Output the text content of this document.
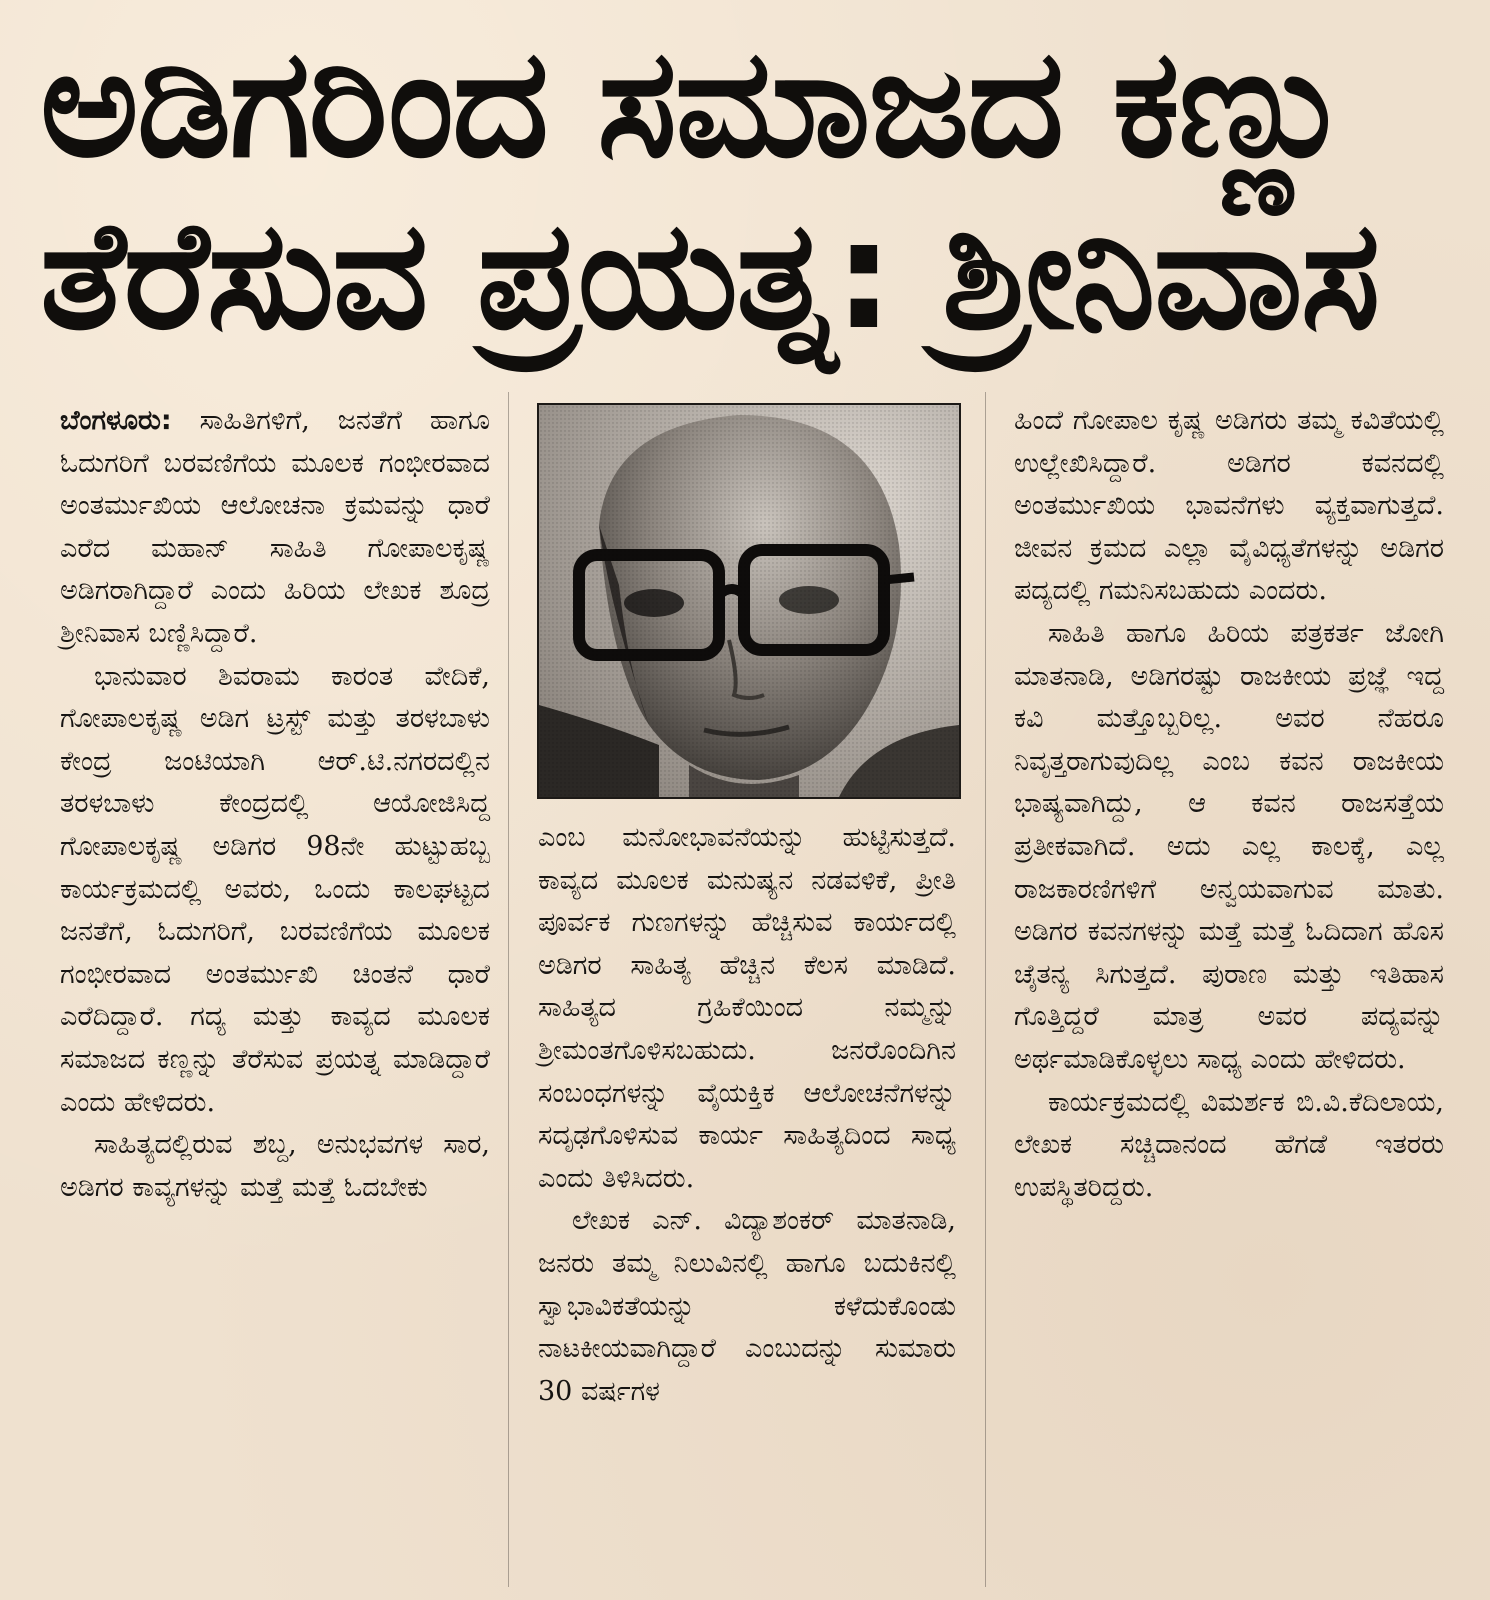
ಅಡಿಗರಿಂದ ಸಮಾಜದ ಕಣ್ಣು
ತೆರೆಸುವ ಪ್ರಯತ್ನ: ಶ್ರೀನಿವಾಸ

ಬೆಂಗಳೂರು: ಸಾಹಿತಿಗಳಿಗೆ, ಜನತೆಗೆ ಹಾಗೂ ಓದುಗರಿಗೆ ಬರವಣಿಗೆಯ ಮೂಲಕ ಗಂಭೀರವಾದ ಅಂತರ್ಮುಖಿಯ ಆಲೋಚನಾ ಕ್ರಮವನ್ನು ಧಾರೆ ಎರೆದ ಮಹಾನ್ ಸಾಹಿತಿ ಗೋಪಾಲಕೃಷ್ಣ ಅಡಿಗರಾಗಿದ್ದಾರೆ ಎಂದು ಹಿರಿಯ ಲೇಖಕ ಶೂದ್ರ ಶ್ರೀನಿವಾಸ ಬಣ್ಣಿಸಿದ್ದಾರೆ.

ಭಾನುವಾರ ಶಿವರಾಮ ಕಾರಂತ ವೇದಿಕೆ, ಗೋಪಾಲಕೃಷ್ಣ ಅಡಿಗ ಟ್ರಸ್ಟ್ ಮತ್ತು ತರಳಬಾಳು ಕೇಂದ್ರ ಜಂಟಿಯಾಗಿ ಆರ್.ಟಿ.ನಗರದಲ್ಲಿನ ತರಳಬಾಳು ಕೇಂದ್ರದಲ್ಲಿ ಆಯೋಜಿಸಿದ್ದ ಗೋಪಾಲಕೃಷ್ಣ ಅಡಿಗರ 98ನೇ ಹುಟ್ಟುಹಬ್ಬ ಕಾರ್ಯಕ್ರಮದಲ್ಲಿ ಅವರು, ಒಂದು ಕಾಲಘಟ್ಟದ ಜನತೆಗೆ, ಓದುಗರಿಗೆ, ಬರವಣಿಗೆಯ ಮೂಲಕ ಗಂಭೀರವಾದ ಅಂತರ್ಮುಖಿ ಚಿಂತನೆ ಧಾರೆ ಎರೆದಿದ್ದಾರೆ. ಗದ್ಯ ಮತ್ತು ಕಾವ್ಯದ ಮೂಲಕ ಸಮಾಜದ ಕಣ್ಣನ್ನು ತೆರೆಸುವ ಪ್ರಯತ್ನ ಮಾಡಿದ್ದಾರೆ ಎಂದು ಹೇಳಿದರು.

ಸಾಹಿತ್ಯದಲ್ಲಿರುವ ಶಬ್ದ, ಅನುಭವಗಳ ಸಾರ, ಅಡಿಗರ ಕಾವ್ಯಗಳನ್ನು ಮತ್ತೆ ಮತ್ತೆ ಓದಬೇಕು

ಎಂಬ ಮನೋಭಾವನೆಯನ್ನು ಹುಟ್ಟಿಸುತ್ತದೆ. ಕಾವ್ಯದ ಮೂಲಕ ಮನುಷ್ಯನ ನಡವಳಿಕೆ, ಪ್ರೀತಿ ಪೂರ್ವಕ ಗುಣಗಳನ್ನು ಹೆಚ್ಚಿಸುವ ಕಾರ್ಯದಲ್ಲಿ ಅಡಿಗರ ಸಾಹಿತ್ಯ ಹೆಚ್ಚಿನ ಕೆಲಸ ಮಾಡಿದೆ. ಸಾಹಿತ್ಯದ ಗ್ರಹಿಕೆಯಿಂದ ನಮ್ಮನ್ನು ಶ್ರೀಮಂತಗೊಳಿಸಬಹುದು. ಜನರೊಂದಿಗಿನ ಸಂಬಂಧಗಳನ್ನು ವೈಯಕ್ತಿಕ ಆಲೋಚನೆಗಳನ್ನು ಸದೃಢಗೊಳಿಸುವ ಕಾರ್ಯ ಸಾಹಿತ್ಯದಿಂದ ಸಾಧ್ಯ ಎಂದು ತಿಳಿಸಿದರು.

ಲೇಖಕ ಎನ್. ವಿದ್ಯಾಶಂಕರ್ ಮಾತನಾಡಿ, ಜನರು ತಮ್ಮ ನಿಲುವಿನಲ್ಲಿ ಹಾಗೂ ಬದುಕಿನಲ್ಲಿ ಸ್ವಾಭಾವಿಕತೆಯನ್ನು ಕಳೆದುಕೊಂಡು ನಾಟಕೀಯವಾಗಿದ್ದಾರೆ ಎಂಬುದನ್ನು ಸುಮಾರು 30 ವರ್ಷಗಳ

ಹಿಂದೆ ಗೋಪಾಲ ಕೃಷ್ಣ ಅಡಿಗರು ತಮ್ಮ ಕವಿತೆಯಲ್ಲಿ ಉಲ್ಲೇಖಿಸಿದ್ದಾರೆ. ಅಡಿಗರ ಕವನದಲ್ಲಿ ಅಂತರ್ಮುಖಿಯ ಭಾವನೆಗಳು ವ್ಯಕ್ತವಾಗುತ್ತದೆ. ಜೀವನ ಕ್ರಮದ ಎಲ್ಲಾ ವೈವಿಧ್ಯತೆಗಳನ್ನು ಅಡಿಗರ ಪದ್ಯದಲ್ಲಿ ಗಮನಿಸಬಹುದು ಎಂದರು.

ಸಾಹಿತಿ ಹಾಗೂ ಹಿರಿಯ ಪತ್ರಕರ್ತ ಜೋಗಿ ಮಾತನಾಡಿ, ಅಡಿಗರಷ್ಟು ರಾಜಕೀಯ ಪ್ರಜ್ಞೆ ಇದ್ದ ಕವಿ ಮತ್ತೊಬ್ಬರಿಲ್ಲ. ಅವರ ನೆಹರೂ ನಿವೃತ್ತರಾಗುವುದಿಲ್ಲ ಎಂಬ ಕವನ ರಾಜಕೀಯ ಭಾಷ್ಯವಾಗಿದ್ದು, ಆ ಕವನ ರಾಜಸತ್ತೆಯ ಪ್ರತೀಕವಾಗಿದೆ. ಅದು ಎಲ್ಲ ಕಾಲಕ್ಕೆ, ಎಲ್ಲ ರಾಜಕಾರಣಿಗಳಿಗೆ ಅನ್ವಯವಾಗುವ ಮಾತು. ಅಡಿಗರ ಕವನಗಳನ್ನು ಮತ್ತೆ ಮತ್ತೆ ಓದಿದಾಗ ಹೊಸ ಚೈತನ್ಯ ಸಿಗುತ್ತದೆ. ಪುರಾಣ ಮತ್ತು ಇತಿಹಾಸ ಗೊತ್ತಿದ್ದರೆ ಮಾತ್ರ ಅವರ ಪದ್ಯವನ್ನು ಅರ್ಥಮಾಡಿಕೊಳ್ಳಲು ಸಾಧ್ಯ ಎಂದು ಹೇಳಿದರು.

ಕಾರ್ಯಕ್ರಮದಲ್ಲಿ ವಿಮರ್ಶಕ ಬಿ.ವಿ.ಕೆದಿಲಾಯ, ಲೇಖಕ ಸಚ್ಚಿದಾನಂದ ಹೆಗಡೆ ಇತರರು ಉಪಸ್ಥಿತರಿದ್ದರು.
